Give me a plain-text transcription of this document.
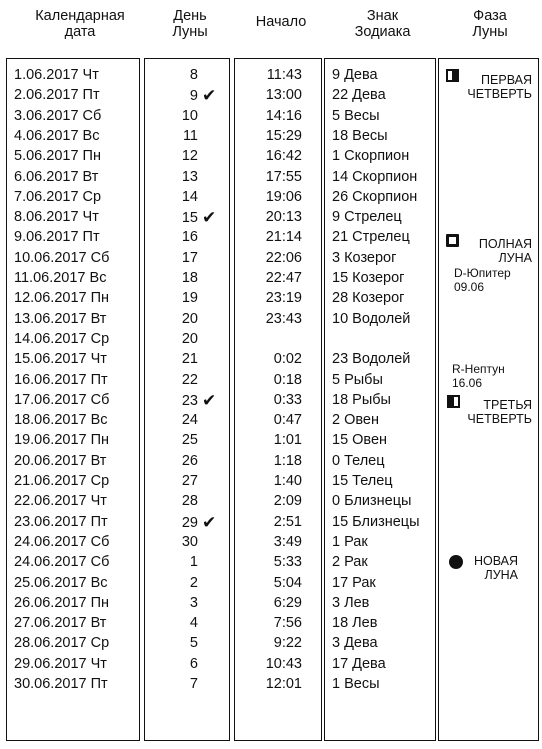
Календарная
дата
День
Луны
Начало	Знак
Зодиака
Фаза
Луны
1.06.2017 Чт	8	11:43 9 Дева
2.06.2017 Пт	9 ✔	13:00 22 Дева
3.06.2017 Сб	10	14:16 5 Весы
4.06.2017 Вс	11	15:29 18 Весы
5.06.2017 Пн	12	16:42 1 Скорпион
6.06.2017 Вт	13	17:55 14 Скорпион
7.06.2017 Ср	14	19:06 26 Скорпион
8.06.2017 Чт	15 ✔	20:13 9 Стрелец
9.06.2017 Пт	16	21:14 21 Стрелец
10.06.2017 Сб	17	22:06 3 Козерог
11.06.2017 Вс	18	22:47 15 Козерог
12.06.2017 Пн	19	23:19 28 Козерог
13.06.2017 Вт	20	23:43 10 Водолей
14.06.2017 Ср	20
15.06.2017 Чт	21	0:02 23 Водолей
16.06.2017 Пт	22	0:18 5 Рыбы
17.06.2017 Сб	23 ✔	0:33 18 Рыбы
18.06.2017 Вс	24	0:47 2 Овен
19.06.2017 Пн	25	1:01 15 Овен
20.06.2017 Вт	26	1:18 0 Телец
21.06.2017 Ср	27	1:40 15 Телец
22.06.2017 Чт	28	2:09 0 Близнецы
23.06.2017 Пт	29 ✔	2:51 15 Близнецы
24.06.2017 Сб	30	3:49 1 Рак
24.06.2017 Сб	1	5:33 2 Рак
25.06.2017 Вс	2	5:04 17 Рак
26.06.2017 Пн	3	6:29 3 Лев
27.06.2017 Вт	4	7:56 18 Лев
28.06.2017 Ср	5	9:22 3 Дева
29.06.2017 Чт	6	10:43 17 Дева
30.06.2017 Пт	7	12:01 1 Весы
ПЕРВАЯ
ЧЕТВЕРТЬ
ПОЛНАЯ
ЛУНА
D-Юпитер
09.06
R-Нептун
16.06
ТРЕТЬЯ
ЧЕТВЕРТЬ
НОВАЯ
ЛУНА
